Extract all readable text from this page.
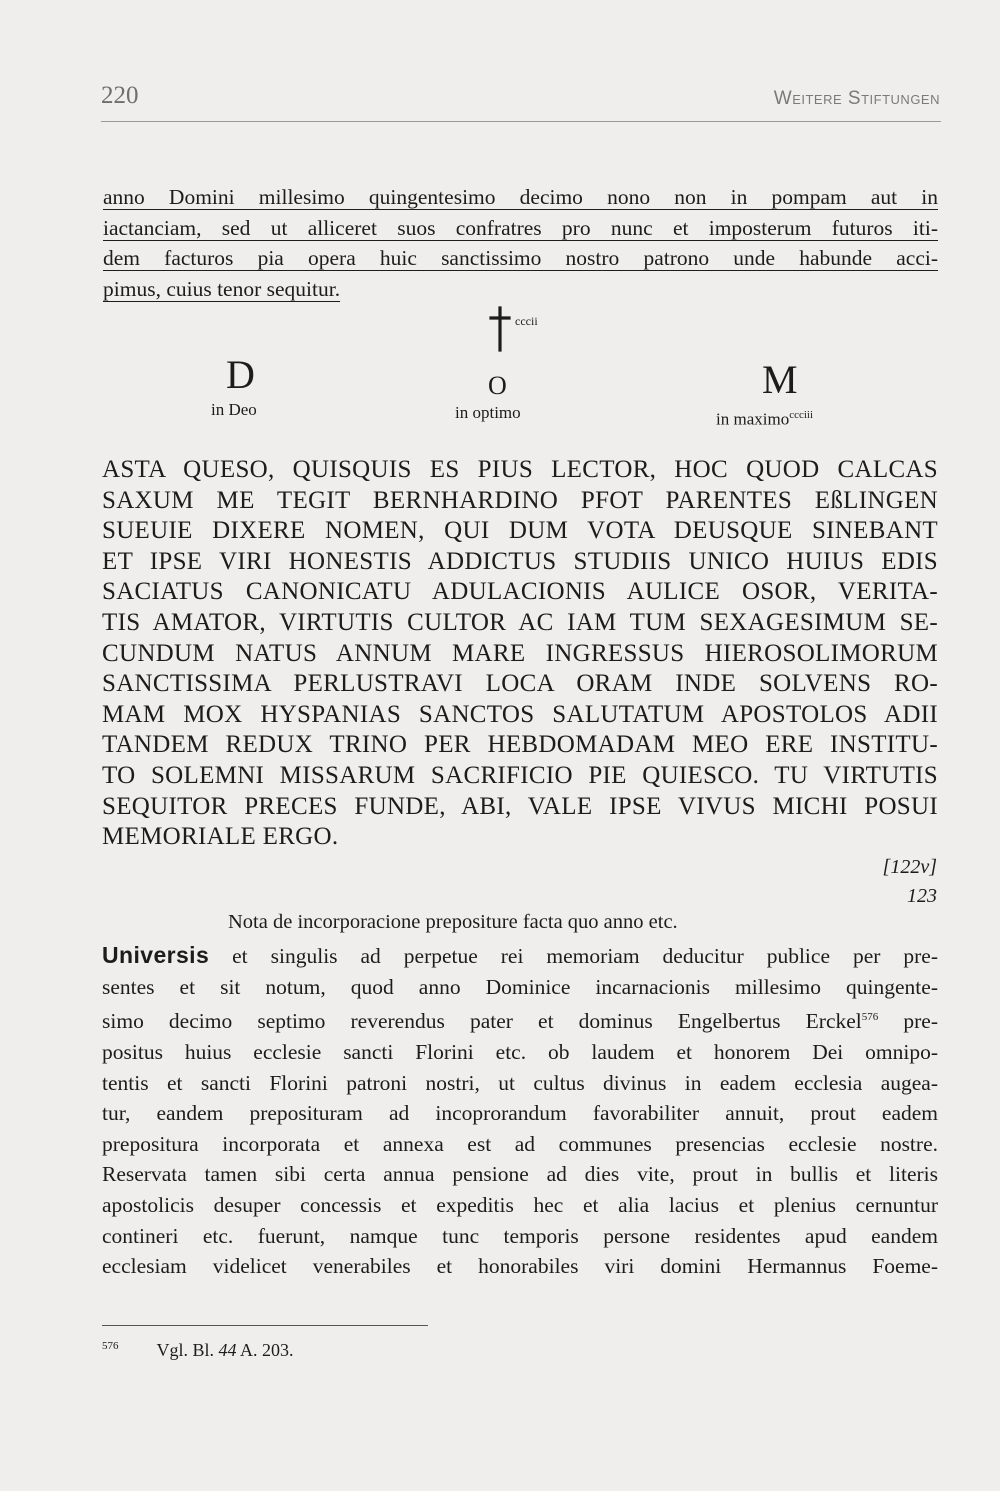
220	Weitere Stiftungen
anno Domini millesimo quingentesimo decimo nono non in pompam aut in
iactanciam, sed ut alliceret suos confratres pro nunc et imposterum futuros iti-
dem facturos pia opera huic sanctissimo nostro patrono unde habunde acci-
pimus, cuius tenor sequitur.
cccii
D
in Deo
O
in optimo
M
in maximo$^{ccciii}$
ASTA QUESO, QUISQUIS ES PIUS LECTOR, HOC QUOD CALCAS
SAXUM ME TEGIT BERNHARDINO PFOT PARENTES EßLINGEN
SUEUIE DIXERE NOMEN, QUI DUM VOTA DEUSQUE SINEBANT
ET IPSE VIRI HONESTIS ADDICTUS STUDIIS UNICO HUIUS EDIS
SACIATUS CANONICATU ADULACIONIS AULICE OSOR, VERITA-
TIS AMATOR, VIRTUTIS CULTOR AC IAM TUM SEXAGESIMUM SE-
CUNDUM NATUS ANNUM MARE INGRESSUS HIEROSOLIMORUM
SANCTISSIMA PERLUSTRAVI LOCA ORAM INDE SOLVENS RO-
MAM MOX HYSPANIAS SANCTOS SALUTATUM APOSTOLOS ADII
TANDEM REDUX TRINO PER HEBDOMADAM MEO ERE INSTITU-
TO SOLEMNI MISSARUM SACRIFICIO PIE QUIESCO. TU VIRTUTIS
SEQUITOR PRECES FUNDE, ABI, VALE IPSE VIVUS MICHI POSUI
MEMORIALE ERGO.
[122v]
123
Nota de incorporacione prepositure facta quo anno etc.
Universis et singulis ad perpetue rei memoriam deducitur publice per pre-
sentes et sit notum, quod anno Dominice incarnacionis millesimo quingente-
simo decimo septimo reverendus pater et dominus Engelbertus Erckel$^{576}$ pre-
positus huius ecclesie sancti Florini etc. ob laudem et honorem Dei omnipo-
tentis et sancti Florini patroni nostri, ut cultus divinus in eadem ecclesia augea-
tur, eandem preposituram ad incoprorandum favorabiliter annuit, prout eadem
prepositura incorporata et annexa est ad communes presencias ecclesie nostre.
Reservata tamen sibi certa annua pensione ad dies vite, prout in bullis et literis
apostolicis desuper concessis et expeditis hec et alia lacius et plenius cernuntur
contineri etc. fuerunt, namque tunc temporis persone residentes apud eandem
ecclesiam videlicet venerabiles et honorabiles viri domini Hermannus Foeme-
$^{576}$ Vgl. Bl. 44 A. 203.
